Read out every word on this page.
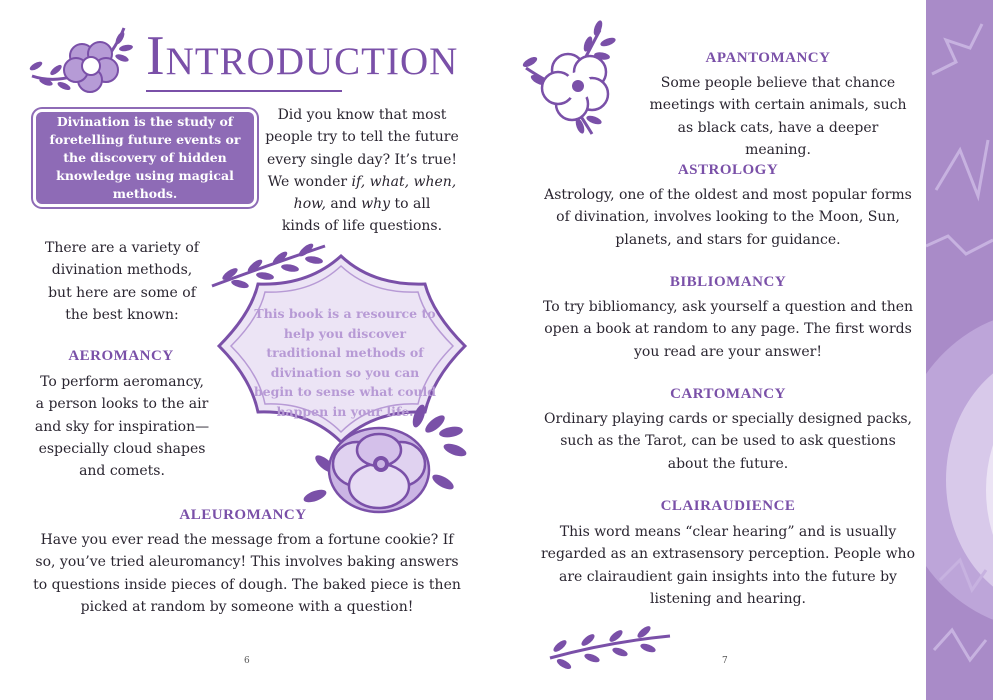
Introduction
Divination is the study of foretelling future events or the discovery of hidden knowledge using magical methods.
Did you know that most
people try to tell the future
every single day? It’s true!
We wonder if, what, when,
how, and why to all
kinds of life questions.
There are a variety of divination methods, but here are some of the best known:	This book is a resource to help you discover traditional methods of divination so you can begin to sense what could happen in your life.
AEROMANCY
To perform aeromancy, a person looks to the air and sky for inspiration—especially cloud shapes and comets.
ALEUROMANCY
Have you ever read the message from a fortune cookie? If so, you’ve tried aleuromancy! This involves baking answers to questions inside pieces of dough. The baked piece is then picked at random by someone with a question!
6
APANTOMANCY
Some people believe that chance meetings with certain animals, such as black cats, have a deeper meaning.
ASTROLOGY
Astrology, one of the oldest and most popular forms of divination, involves looking to the Moon, Sun, planets, and stars for guidance.
BIBLIOMANCY
To try bibliomancy, ask yourself a question and then open a book at random to any page. The first words you read are your answer!
CARTOMANCY
Ordinary playing cards or specially designed packs, such as the Tarot, can be used to ask questions about the future.
CLAIRAUDIENCE
This word means “clear hearing” and is usually regarded as an extrasensory perception. People who are clairaudient gain insights into the future by listening and hearing.
7
